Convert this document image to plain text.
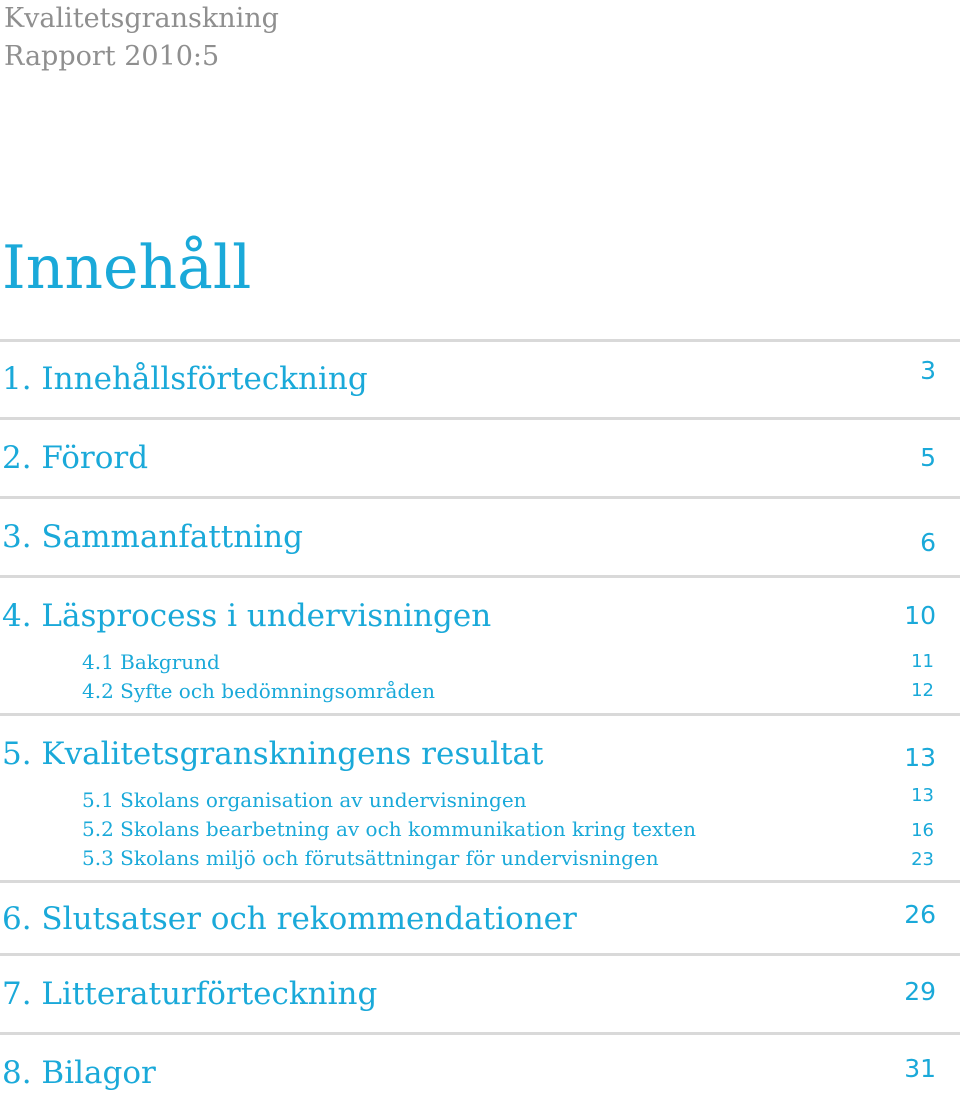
Kvalitetsgranskning
Rapport 2010:5
Innehåll
1. Innehållsförteckning	3
2. Förord	5
3. Sammanfattning	6
4. Läsprocess i undervisningen	10
4.1 Bakgrund	11
4.2 Syfte och bedömningsområden	12
5. Kvalitetsgranskningens resultat	13
5.1 Skolans organisation av undervisningen	13
5.2 Skolans bearbetning av och kommunikation kring texten	16
5.3 Skolans miljö och förutsättningar för undervisningen	23
6. Slutsatser och rekommendationer	26
7. Litteraturförteckning	29
8. Bilagor	31
